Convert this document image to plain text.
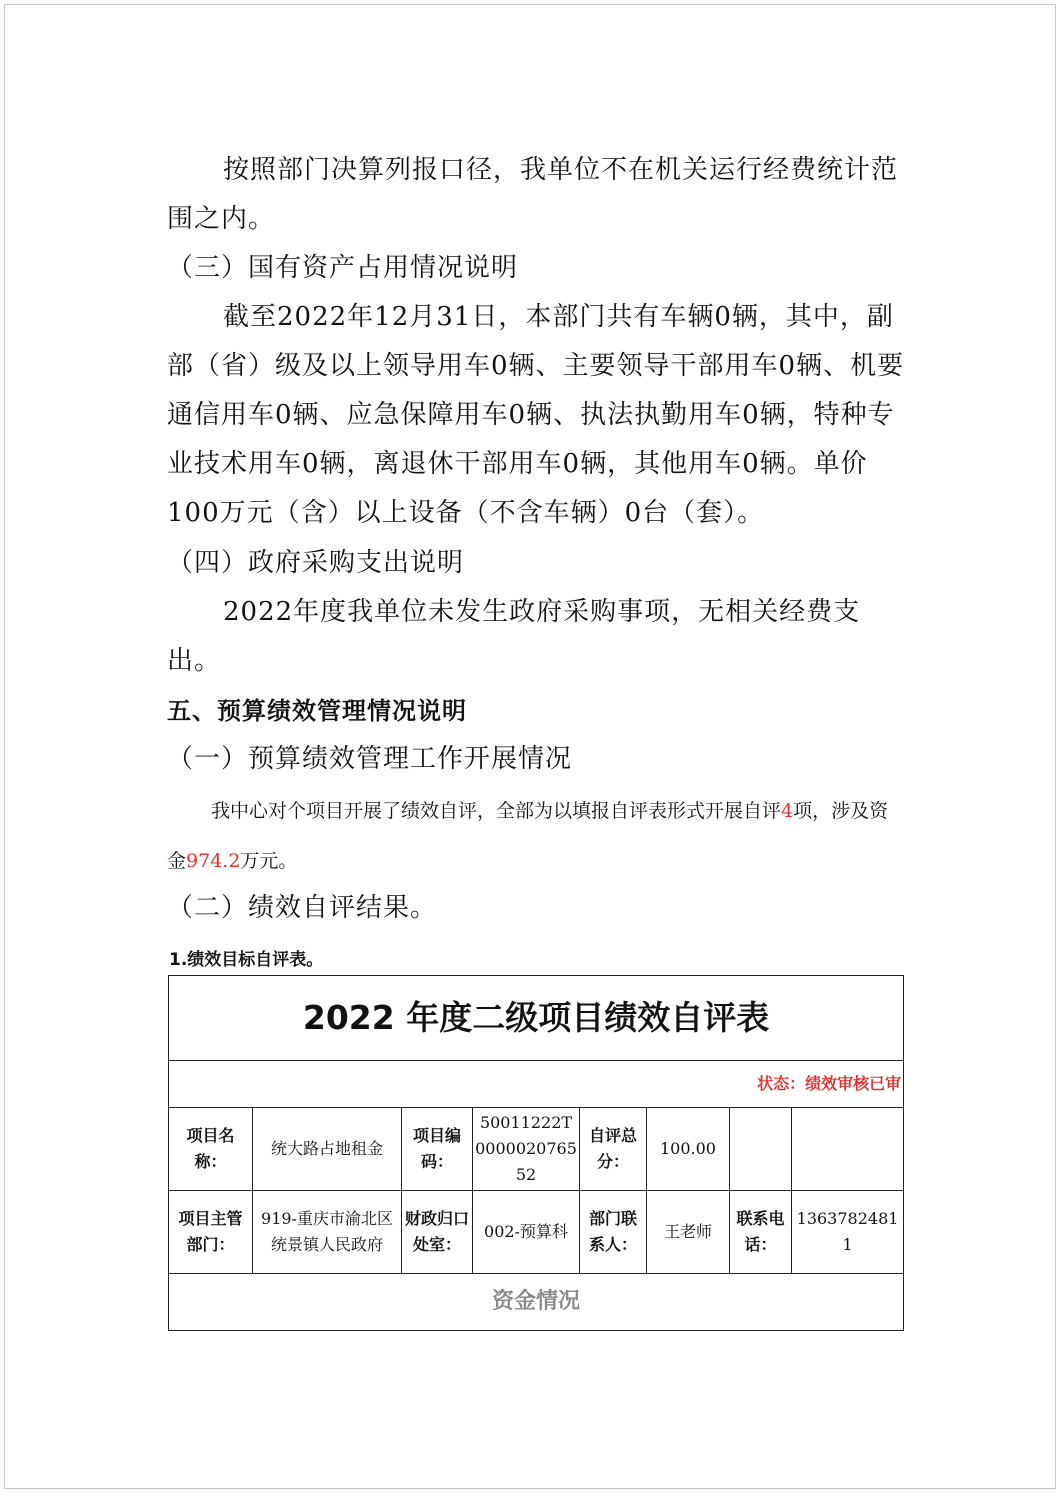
按照部门决算列报口径，我单位不在机关运行经费统计范围之内。

（三）国有资产占用情况说明

截至2022年12月31日，本部门共有车辆0辆，其中，副部（省）级及以上领导用车0辆、主要领导干部用车0辆、机要通信用车0辆、应急保障用车0辆、执法执勤用车0辆，特种专业技术用车0辆，离退休干部用车0辆，其他用车0辆。单价100万元（含）以上设备（不含车辆）0台（套）。

（四）政府采购支出说明

2022年度我单位未发生政府采购事项，无相关经费支出。

五、预算绩效管理情况说明

（一）预算绩效管理工作开展情况

我中心对个项目开展了绩效自评，全部为以填报自评表形式开展自评4项，涉及资金974.2万元。

（二）绩效自评结果。

1.绩效目标自评表。
2022 年度二级项目绩效自评表							
状态：绩效审核已审							
项目名称：	统大路占地租金	项目编码：	50011222T000002076552	自评总分：	100.00		
项目主管部门：	919-重庆市渝北区统景镇人民政府	财政归口处室：	002-预算科	部门联系人：	王老师	联系电话：	13637824811
资金情况							
